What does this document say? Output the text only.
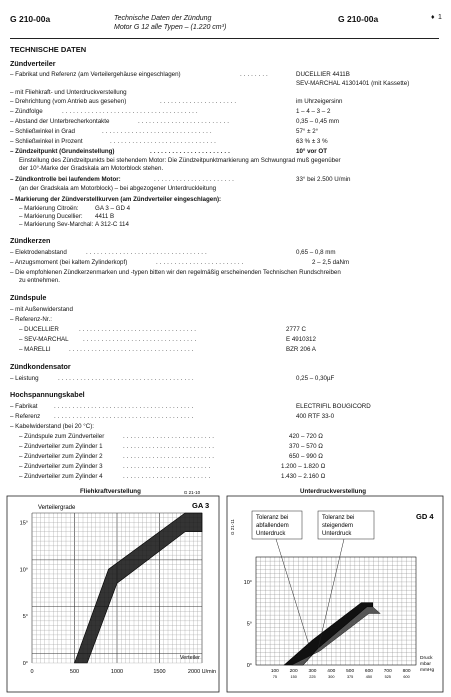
G 210-00a	Technische Daten der Zündung
Motor G 12 alle Typen – (1.220 cm³)
G 210-00a	♦ 1
TECHNISCHE DATEN
Zündverteiler
– Fabrikat und Referenz (am Verteilergehäuse eingeschlagen)	........	DUCELLIER 4411B
SEV-MARCHAL 41301401 (mit Kassette)
– mit Fliehkraft- und Unterdruckverstellung
– Drehrichtung (vom Antrieb aus gesehen)	.....................	im Uhrzeigersinn
– Zündfolge	.....................................	1 – 4 – 3 – 2
– Abstand der Unterbrecherkontakte	.........................	0,35 – 0,45 mm
– Schließwinkel in Grad	..............................	57° ± 2°
– Schließwinkel in Prozent	.............................	63 % ± 3 %
– Zündzeitpunkt (Grundeinstellung)	......................	10° vor OT
Einstellung des Zündzeitpunkts bei stehendem Motor: Die Zündzeitpunktmarkierung am Schwungrad muß gegenüber
der 10°-Marke der Gradskala am Motorblock stehen.
– Zündkontrolle bei laufendem Motor:	......................	33° bei 2.500 U/min
(an der Gradskala am Motorblock) – bei abgezogener Unterdruckleitung
– Markierung der Zündverstellkurven (am Zündverteiler eingeschlagen):
– Markierung Citroën:	GA 3 – GD 4
– Markierung Ducellier: 4411 B
– Markierung Sev-Marchal: A 312-C 114
Zündkerzen
– Elektrodenabstand	.................................	0,65 – 0,8 mm
– Anzugsmoment (bei kaltem Zylinderkopf)	........................	2 – 2,5 daNm
– Die empfohlenen Zündkerzenmarken und -typen bitten wir den regelmäßig erscheinenden Technischen Rundschreiben
zu entnehmen.
Zündspule
– mit Außenwiderstand
– Referenz-Nr.:
– DUCELLIER	................................	2777 C
– SEV-MARCHAL ...............................	E 4910312
– MARELLI	..................................	BZR 206 A
Zündkondensator
– Leistung	.....................................	0,25 – 0,30µF
Hochspannungskabel
– Fabrikat	......................................	ELECTRIFIL BOUGICORD
– Referenz ......................................	400 RTF 33-0
– Kabelwiderstand (bei 20 °C):
– Zündspule zum Zündverteiler	.........................	420 – 720 Ω
– Zündverteiler zum Zylinder 1	.........................	370 – 570 Ω
– Zündverteiler zum Zylinder 2	.........................	650 – 990 Ω
– Zündverteiler zum Zylinder 3	........................	1.200 – 1.820 Ω
– Zündverteiler zum Zylinder 4	........................	1.430 – 2.160 Ω
Fliehkraftverstellung
0	500	1000	1500	2000 U/min
0°
5°
10°
15°
Verteilergrade
Verteiler
GA 3
G 21-10	Unterdruckverstellung
100 200 300 400 500 600 700 800
75	150	225	300	375	450	525	600
0°
5°
10°
Druck
mbar
mmHg
Toleranz bei
abfallendem
Unterdruck
Toleranz bei
steigendem
Unterdruck
GD 4
G 21-11
